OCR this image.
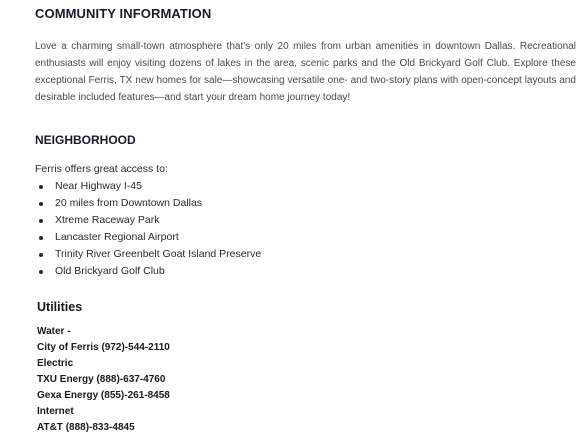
COMMUNITY INFORMATION

Love a charming small-town atmosphere that's only 20 miles from urban amenities in downtown Dallas. Recreational enthusiasts will enjoy visiting dozens of lakes in the area, scenic parks and the Old Brickyard Golf Club. Explore these exceptional Ferris, TX new homes for sale—showcasing versatile one- and two-story plans with open-concept layouts and desirable included features—and start your dream home journey today!

NEIGHBORHOOD

Ferris offers great access to:

Near Highway I-45
20 miles from Downtown Dallas
Xtreme Raceway Park
Lancaster Regional Airport
Trinity River Greenbelt Goat Island Preserve
Old Brickyard Golf Club
Utilities
Water -
City of Ferris (972)-544-2110
Electric
TXU Energy (888)-637-4760
Gexa Energy (855)-261-8458
Internet
AT&T (888)-833-4845
